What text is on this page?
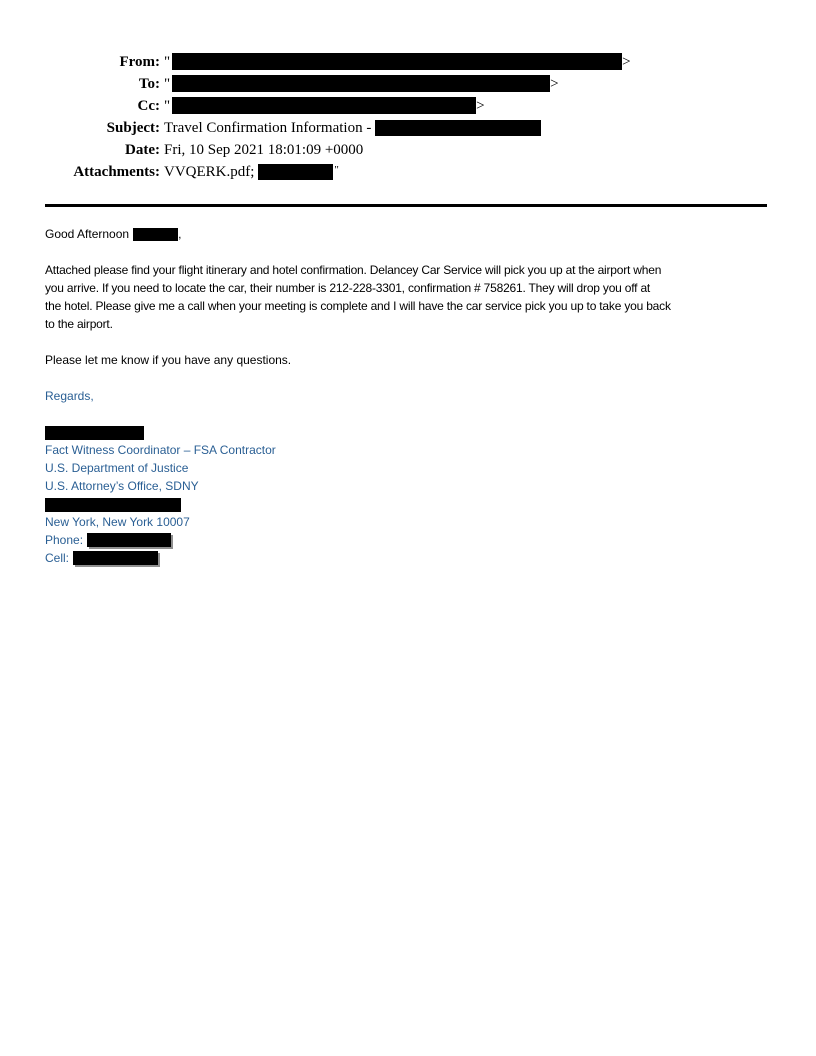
From: "	>
To: "	>
Cc: "	>
Subject: Travel Confirmation Information -
Date: Fri, 10 Sep 2021 18:01:09 +0000
Attachments: VVQERK.pdf;	"
Good Afternoon	,
Attached please find your flight itinerary and hotel confirmation. Delancey Car Service will pick you up at the airport when
you arrive. If you need to locate the car, their number is 212-228-3301, confirmation # 758261. They will drop you off at
the hotel. Please give me a call when your meeting is complete and I will have the car service pick you up to take you back
to the airport.
Please let me know if you have any questions.
Regards,
Fact Witness Coordinator – FSA Contractor
U.S. Department of Justice
U.S. Attorney’s Office, SDNY
New York, New York 10007
Phone:
Cell:
